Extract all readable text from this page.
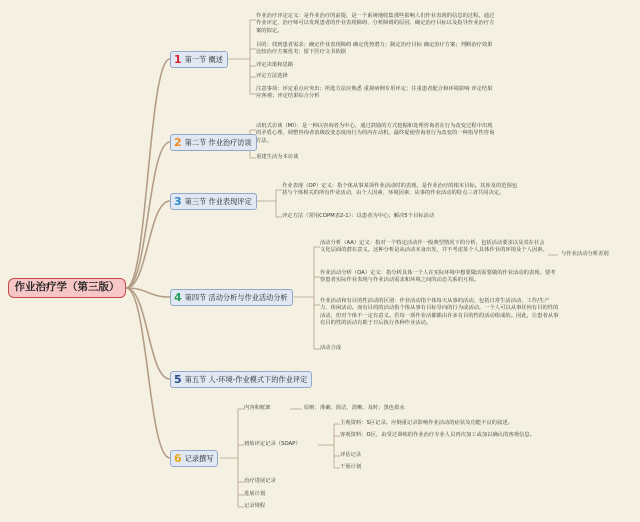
作业治疗学（第三版）
1 第一节 概述
作业治疗评定定义：是作业治疗的前提，是一个系统地收集那些影响人们作业表现的信息的过程。通过作业评定，治疗师可以发现患者的作业表现障碍、分析障碍的原因、确定治疗目标以及指导作业治疗方案的拟定。
目的：找到患者需求；确定作业表现障碍 确定优势潜力；制定治疗目标 确定治疗方案；判断治疗效果 比较治疗方案优劣；留下医疗文书依据
评定决策和思路
评定方法选择
注意事项：评定重点应突出；所选方法应熟悉 重视病例专用评定；注重患者配合和环境影响 评定结果应客观；评定结果综合分析
2 第二节 作业治疗访谈
动机式访谈（MI）：是一种以咨询者为中心，通过鼓励的方式挖掘和处理咨询者在行为改变过程中出现的矛盾心理，调整咨询者消极改变态度而行为的内在动机，最终促使咨询者行为改变的一种指导性咨询方法。
重建生活为本访谈
3 第三节 作业表现评定
作业表现（OP）定义：指个体从事某项作业活动时的表现，是作业治疗的根本目标。其涉及的范围包括与个体相关的所有作业活动，由个人因素、环境因素、从事的作业活动的特点三者共同决定。
评定方法（常用COPM表2-1）：以患者为中心；解决5个目标活动
4 第四节 活动分析与作业活动分析
活动分析（AA）定义：指对一个特定活动作一般典型情况下的分析，包括活动要求以及其在社会文化层面的潜在意义。这种分析是从活动本身出发，并不考虑某个人具体作业的环境及个人因素。
与作业活动分析差别
作业活动分析（OA）定义：指分析具体一个人在实际环境中想要做活需要做的作业活动的表现。要考察患者实际作业表现与作业活动需求和环境之间的动态关系的互相。
作业活动和有目的性活动的区别：作业活动指个体每天从事的活动，包括日常生活活动、工作/生产力、休闲活动。而有目的的活动指个体从事有目标导向的行为或活动。一个人可以从事任何有目的性的活动，但对个体不一定有意义。若每一项作业活都都由许多有目的性的活动组成的。因此，让患者从事有目的性的活动有助于日后执行各种作业活动。
活动合成
5 第五节 人-环境-作业模式下的作业评定
6 记录撰写
内容和框架	原则：准确、简洁、清晰、及时；黑色墨水
初始评定记录（SOAP）
主观资料：S区记录。应倒重记录影响作业活动的症状及功能不良的叙述。
客观资料：O区，由受过训练的作业治疗专业人员再次加工或加以确认的客观信息。
评估记录
干预计划
治疗进展记录
进展计划
记录规程
